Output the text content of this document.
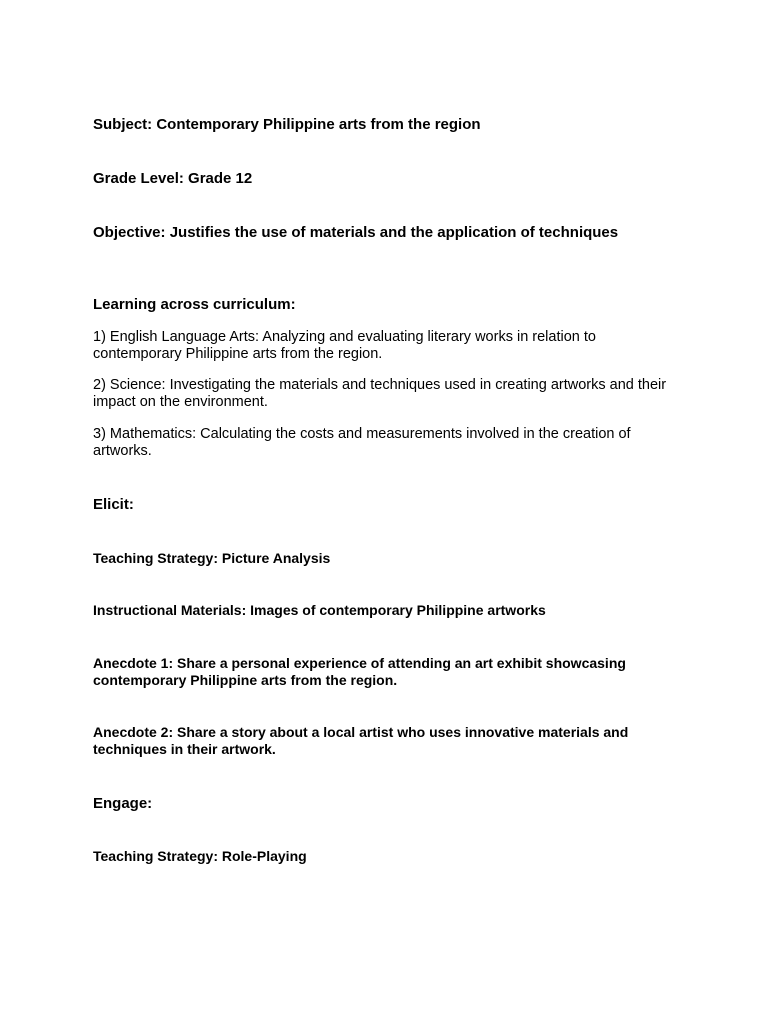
Subject: Contemporary Philippine arts from the region

Grade Level: Grade 12

Objective: Justifies the use of materials and the application of techniques

Learning across curriculum:

1) English Language Arts: Analyzing and evaluating literary works in relation to contemporary Philippine arts from the region.

2) Science: Investigating the materials and techniques used in creating artworks and their impact on the environment.

3) Mathematics: Calculating the costs and measurements involved in the creation of artworks.

Elicit:

Teaching Strategy: Picture Analysis

Instructional Materials: Images of contemporary Philippine artworks

Anecdote 1: Share a personal experience of attending an art exhibit showcasing contemporary Philippine arts from the region.

Anecdote 2: Share a story about a local artist who uses innovative materials and techniques in their artwork.

Engage:

Teaching Strategy: Role-Playing
